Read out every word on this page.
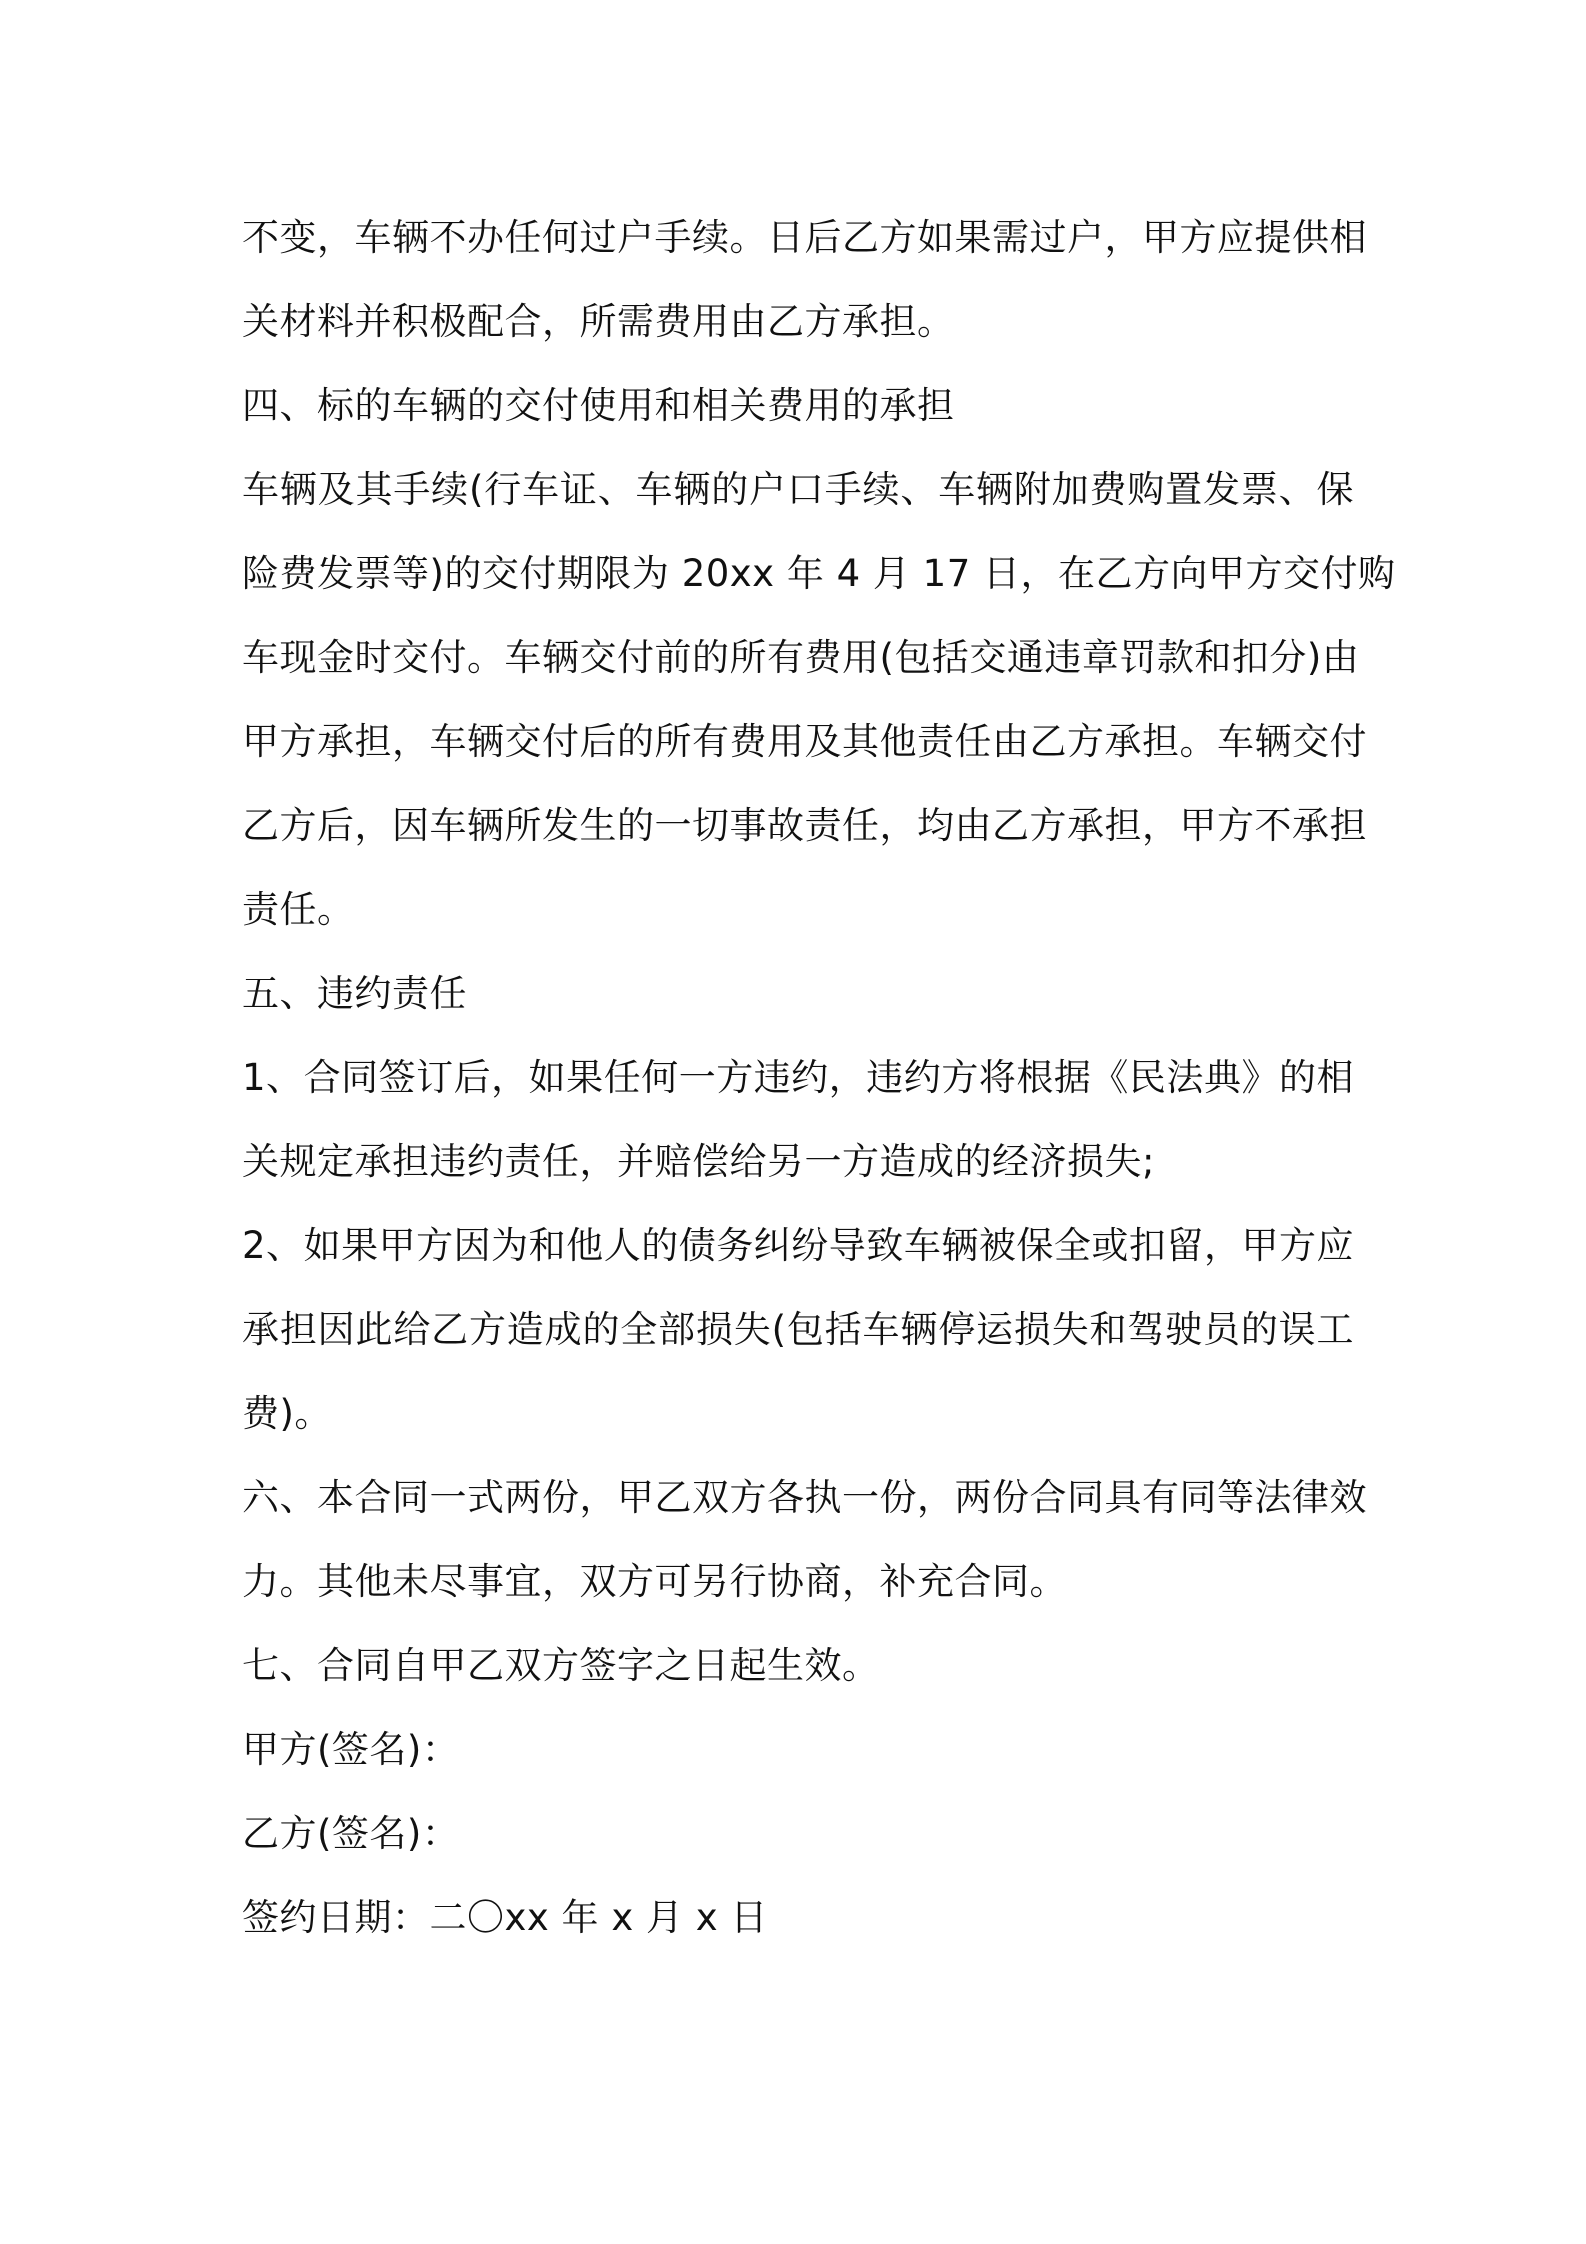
不变，车辆不办任何过户手续。日后乙方如果需过户，甲方应提供相
关材料并积极配合，所需费用由乙方承担。
四、标的车辆的交付使用和相关费用的承担
车辆及其手续(行车证、车辆的户口手续、车辆附加费购置发票、保
险费发票等)的交付期限为 20xx 年 4 月 17 日，在乙方向甲方交付购
车现金时交付。车辆交付前的所有费用(包括交通违章罚款和扣分)由
甲方承担，车辆交付后的所有费用及其他责任由乙方承担。车辆交付
乙方后，因车辆所发生的一切事故责任，均由乙方承担，甲方不承担
责任。
五、违约责任
1、合同签订后，如果任何一方违约，违约方将根据《民法典》的相
关规定承担违约责任，并赔偿给另一方造成的经济损失;
2、如果甲方因为和他人的债务纠纷导致车辆被保全或扣留，甲方应
承担因此给乙方造成的全部损失(包括车辆停运损失和驾驶员的误工
费)。
六、本合同一式两份，甲乙双方各执一份，两份合同具有同等法律效
力。其他未尽事宜，双方可另行协商，补充合同。
七、合同自甲乙双方签字之日起生效。
甲方(签名)：
乙方(签名)：
签约日期：二〇xx 年 x 月 x 日
